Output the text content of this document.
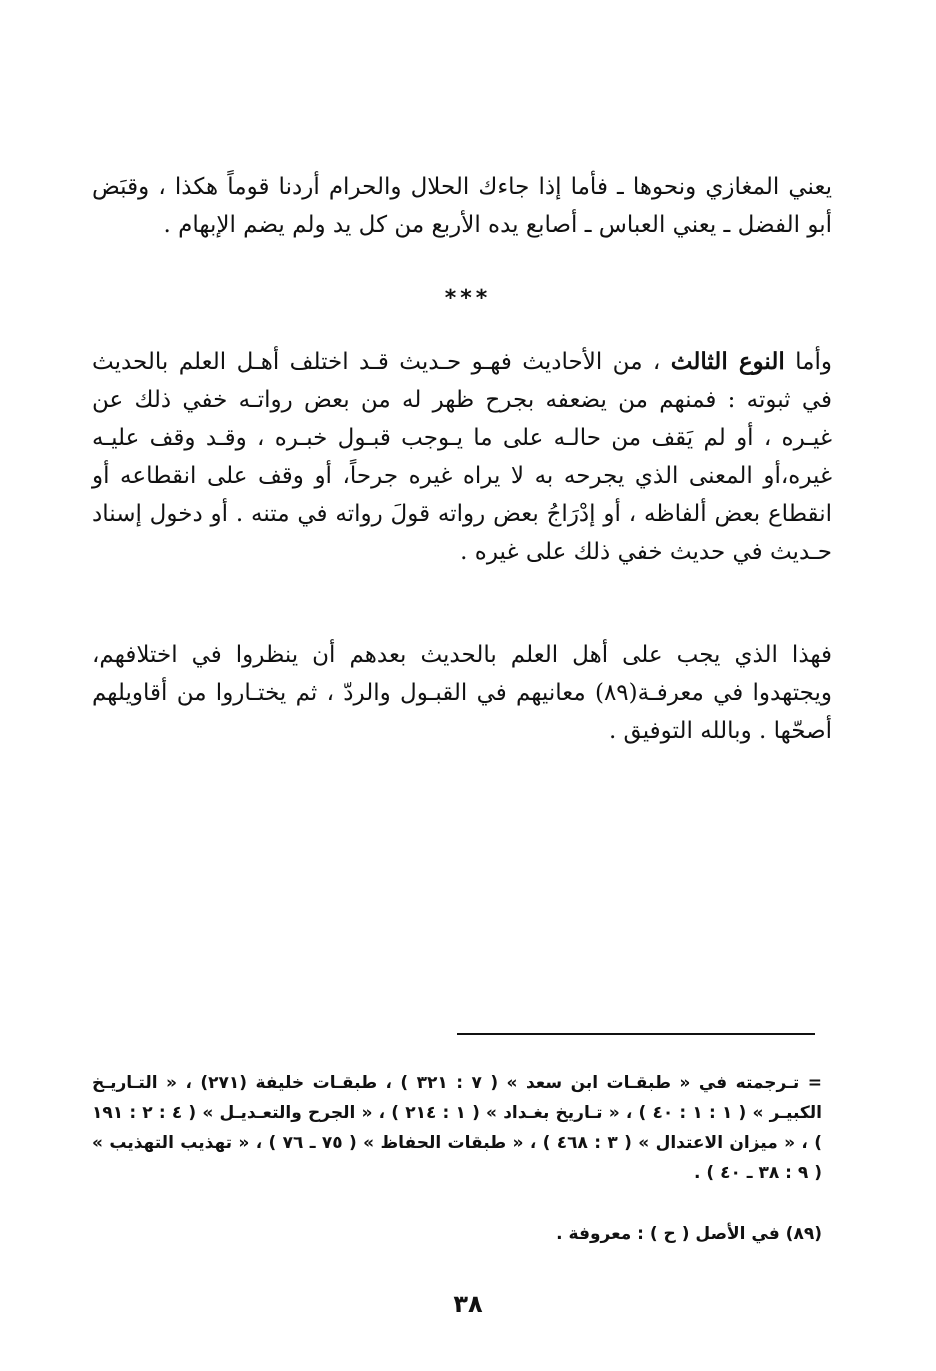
يعني المغازي ونحوها ـ فأما إذا جاءك الحلال والحرام أردنا قوماً هكذا ، وقبَض أبو الفضل ـ يعني العباس ـ أصابع يده الأربع من كل يد ولم يضم الإبهام .

***

وأما النوع الثالث ، من الأحاديث فهـو حـديث قـد اختلف أهـل العلم بالحديث في ثبوته : فمنهم من يضعفه بجرح ظهر له من بعض رواتـه خفي ذلك عن غيـره ، أو لم يَقف من حالـه على ما يـوجب قبـول خبـره ، وقـد وقف عليـه غيره،أو المعنى الذي يجرحه به لا يراه غيره جرحاً، أو وقف على انقطاعه أو انقطاع بعض ألفاظه ، أو إدْرَاجُ بعض رواته قولَ رواته في متنه . أو دخول إسناد حـديث في حديث خفي ذلك على غيره .

فهذا الذي يجب على أهل العلم بالحديث بعدهم أن ينظروا في اختلافهم، ويجتهدوا في معرفـة(٨٩) معانيهم في القبـول والردّ ، ثم يختـاروا من أقاويلهم أصحّها . وبالله التوفيق .

= تـرجمته في « طبقـات ابن سعد » ( ٧ : ٣٢١ ) ، طبقـات خليفة (٢٧١) ، « التـاريـخ الكبيـر » ( ١ : ١ : ٤٠ ) ، « تـاريخ بغـداد » ( ١ : ٢١٤ ) ، « الجرح والتعـديـل » ( ٤ : ٢ : ١٩١ ) ، « ميزان الاعتدال » ( ٣ : ٤٦٨ ) ، « طبقات الحفاظ » ( ٧٥ ـ ٧٦ ) ، « تهذيب التهذيب » ( ٩ : ٣٨ ـ ٤٠ ) .

(٨٩) في الأصل ( ح ) : معروفة .

٣٨
